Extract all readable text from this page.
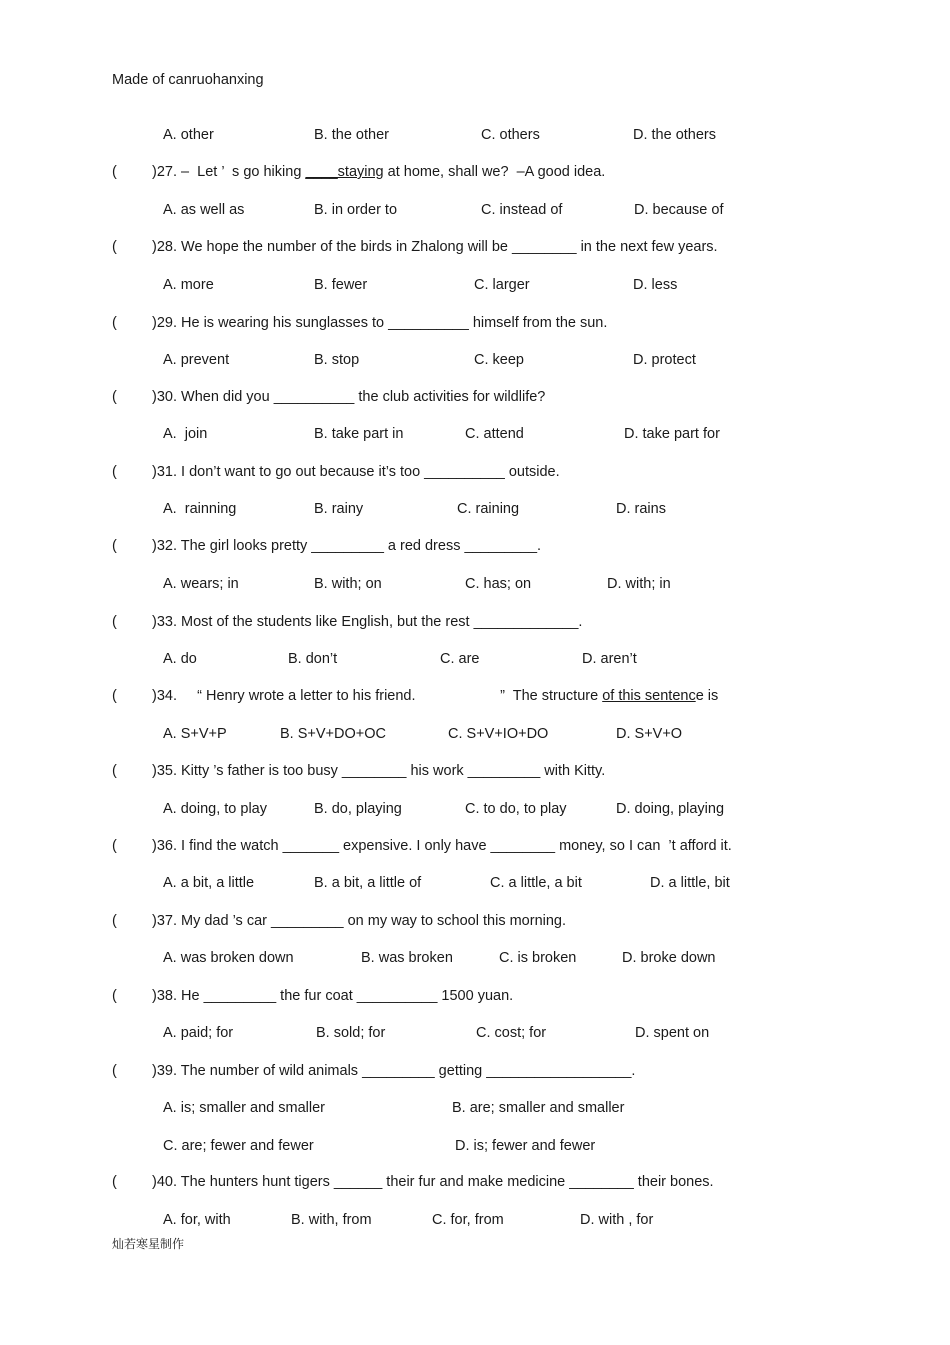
Made of canruohanxing
A. other	B. the other	C. others	D. the others
( )27. –  Let ’  s go hiking ____staying at home, shall we?  –A good idea.
A. as well as	B. in order to	C. instead of	D. because of
( )28. We hope the number of the birds in Zhalong will be ________ in the next few years.
A. more	B. fewer	C. larger	D. less
( )29. He is wearing his sunglasses to __________ himself from the sun.
A. prevent	B. stop	C. keep	D. protect
( )30. When did you __________ the club activities for wildlife?
A.  join	B. take part in	C. attend	D. take part for
( )31. I don’t want to go out because it’s too __________ outside.
A.  rainning	B. rainy	C. raining	D. rains
( )32. The girl looks pretty _________ a red dress _________.
A. wears; in	B. with; on	C. has; on	D. with; in
( )33. Most of the students like English, but the rest _____________.
A. do	B. don’t	C. are	D. aren’t
( )34.     “ Henry wrote a letter to his friend.                     ”  The structure of this sentence is
A. S+V+P	B. S+V+DO+OC	C. S+V+IO+DO	D. S+V+O
( )35. Kitty ’s father is too busy ________ his work _________ with Kitty.
A. doing, to play	B. do, playing	C. to do, to play	D. doing, playing
( )36. I find the watch _______ expensive. I only have ________ money, so I can  ’t afford it.
A. a bit, a little	B. a bit, a little of	C. a little, a bit	D. a little, bit
( )37. My dad ’s car _________ on my way to school this morning.
A. was broken down	B. was broken	C. is broken	D. broke down
( )38. He _________ the fur coat __________ 1500 yuan.
A. paid; for	B. sold; for	C. cost; for	D. spent on
( )39. The number of wild animals _________ getting __________________.
A. is; smaller and smaller	B. are; smaller and smaller
C. are; fewer and fewer	D. is; fewer and fewer
( )40. The hunters hunt tigers ______ their fur and make medicine ________ their bones.
A. for, with	B. with, from	C. for, from	D. with , for
灿若寒星制作
